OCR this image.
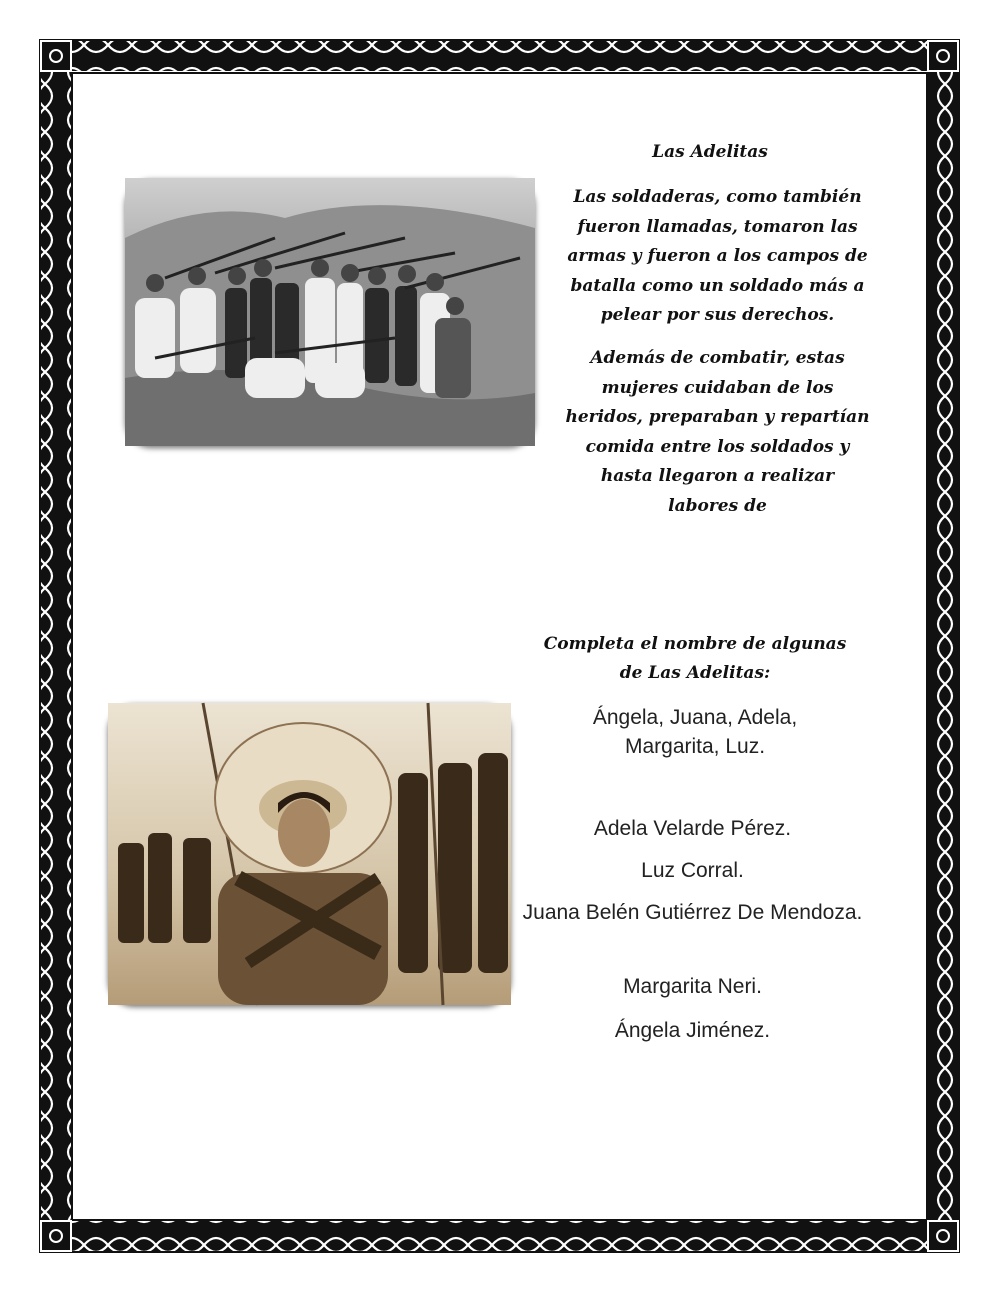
Las Adelitas

Las soldaderas, como también fueron llamadas, tomaron las armas y fueron a los campos de batalla como un soldado más a pelear por sus derechos.

Además de combatir, estas mujeres cuidaban de los heridos, preparaban y repartían comida entre los soldados y hasta llegaron a realizar labores de

Completa el nombre de algunas de Las Adelitas:

Ángela, Juana, Adela, Margarita, Luz.

Adela Velarde Pérez.

Luz Corral.

Juana Belén Gutiérrez De Mendoza.

Margarita Neri.

Ángela Jiménez.
